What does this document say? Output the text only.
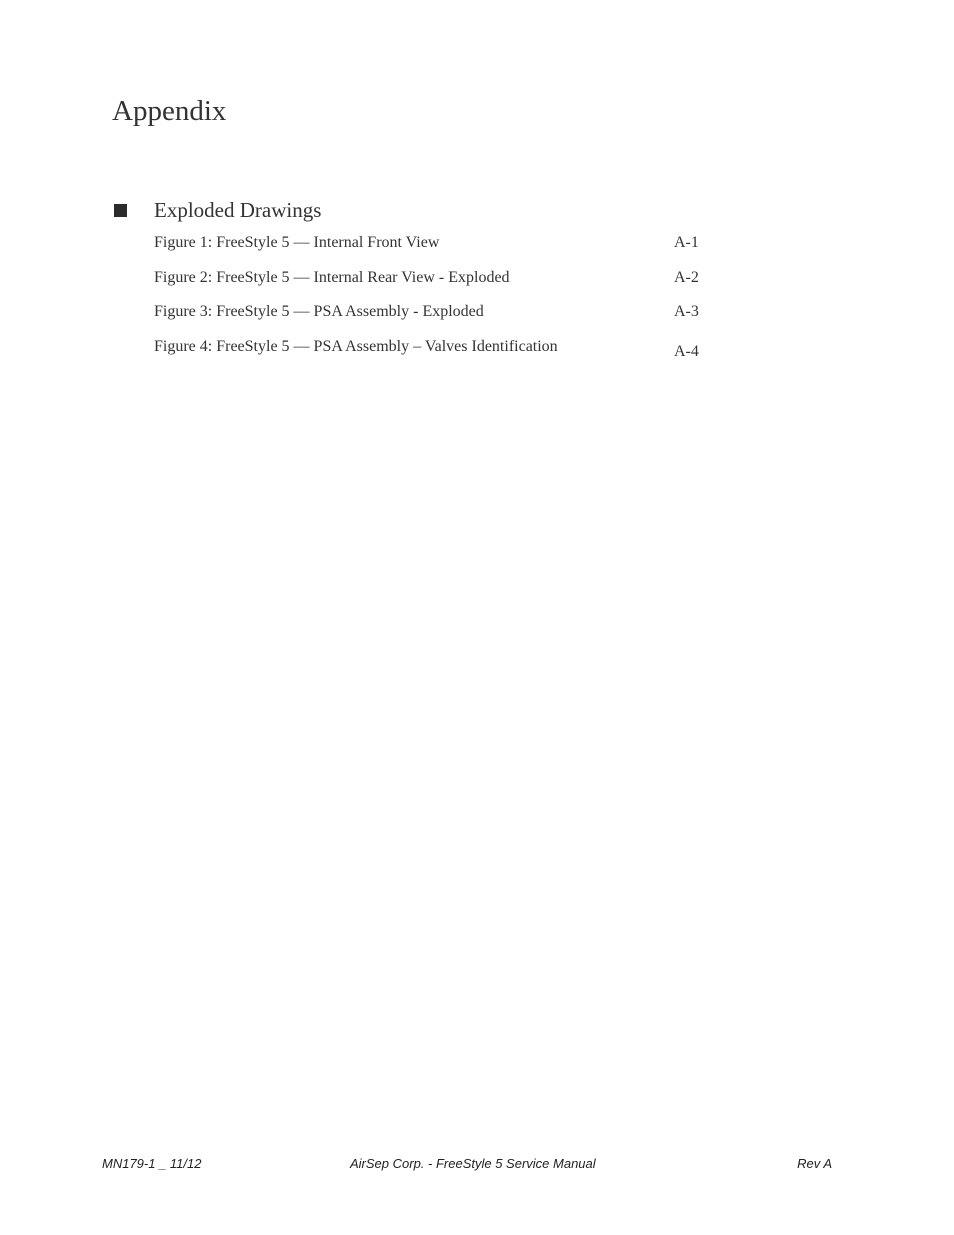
Appendix
Exploded Drawings
Figure 1: FreeStyle 5 — Internal Front View	A-1
Figure 2: FreeStyle 5 — Internal Rear View - Exploded	A-2
Figure 3: FreeStyle 5 — PSA Assembly - Exploded	A-3
Figure 4: FreeStyle 5 — PSA Assembly – Valves Identification	A-4
MN179-1 _ 11/12	AirSep Corp. - FreeStyle 5 Service Manual	Rev A
